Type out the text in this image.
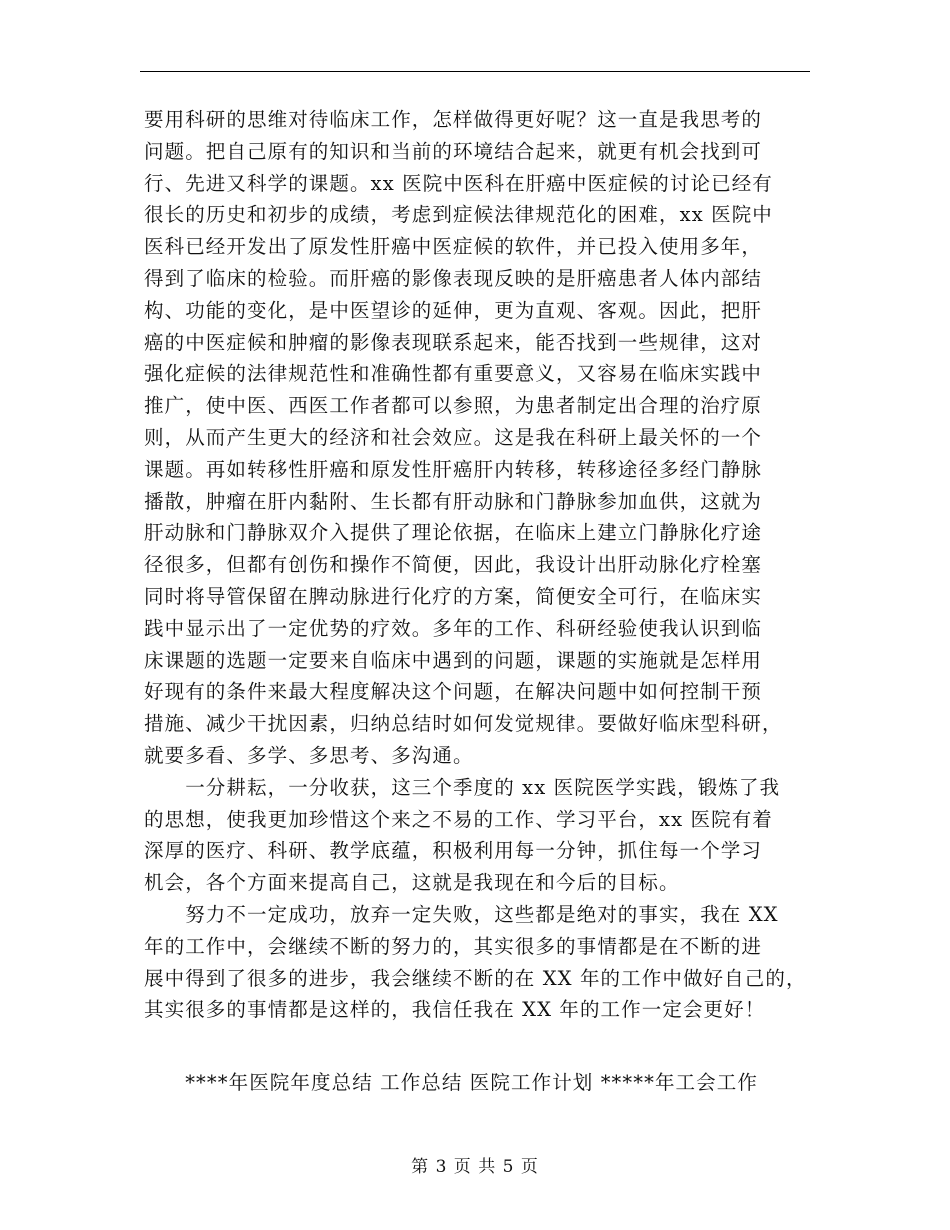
要用科研的思维对待临床工作，怎样做得更好呢？这一直是我思考的
问题。把自己原有的知识和当前的环境结合起来，就更有机会找到可
行、先进又科学的课题。xx 医院中医科在肝癌中医症候的讨论已经有
很长的历史和初步的成绩，考虑到症候法律规范化的困难，xx 医院中
医科已经开发出了原发性肝癌中医症候的软件，并已投入使用多年，
得到了临床的检验。而肝癌的影像表现反映的是肝癌患者人体内部结
构、功能的变化，是中医望诊的延伸，更为直观、客观。因此，把肝
癌的中医症候和肿瘤的影像表现联系起来，能否找到一些规律，这对
强化症候的法律规范性和准确性都有重要意义，又容易在临床实践中
推广，使中医、西医工作者都可以参照，为患者制定出合理的治疗原
则，从而产生更大的经济和社会效应。这是我在科研上最关怀的一个
课题。再如转移性肝癌和原发性肝癌肝内转移，转移途径多经门静脉
播散，肿瘤在肝内黏附、生长都有肝动脉和门静脉参加血供，这就为
肝动脉和门静脉双介入提供了理论依据，在临床上建立门静脉化疗途
径很多，但都有创伤和操作不简便，因此，我设计出肝动脉化疗栓塞
同时将导管保留在脾动脉进行化疗的方案，简便安全可行，在临床实
践中显示出了一定优势的疗效。多年的工作、科研经验使我认识到临
床课题的选题一定要来自临床中遇到的问题，课题的实施就是怎样用
好现有的条件来最大程度解决这个问题，在解决问题中如何控制干预
措施、减少干扰因素，归纳总结时如何发觉规律。要做好临床型科研，
就要多看、多学、多思考、多沟通。
　　一分耕耘，一分收获，这三个季度的 xx 医院医学实践，锻炼了我
的思想，使我更加珍惜这个来之不易的工作、学习平台，xx 医院有着
深厚的医疗、科研、教学底蕴，积极利用每一分钟，抓住每一个学习
机会，各个方面来提高自己，这就是我现在和今后的目标。
　　努力不一定成功，放弃一定失败，这些都是绝对的事实，我在 XX
年的工作中，会继续不断的努力的，其实很多的事情都是在不断的进
展中得到了很多的进步，我会继续不断的在 XX 年的工作中做好自己的，
其实很多的事情都是这样的，我信任我在 XX 年的工作一定会更好！
　　****年医院年度总结 工作总结 医院工作计划 *****年工会工作
第 3 页 共 5 页
